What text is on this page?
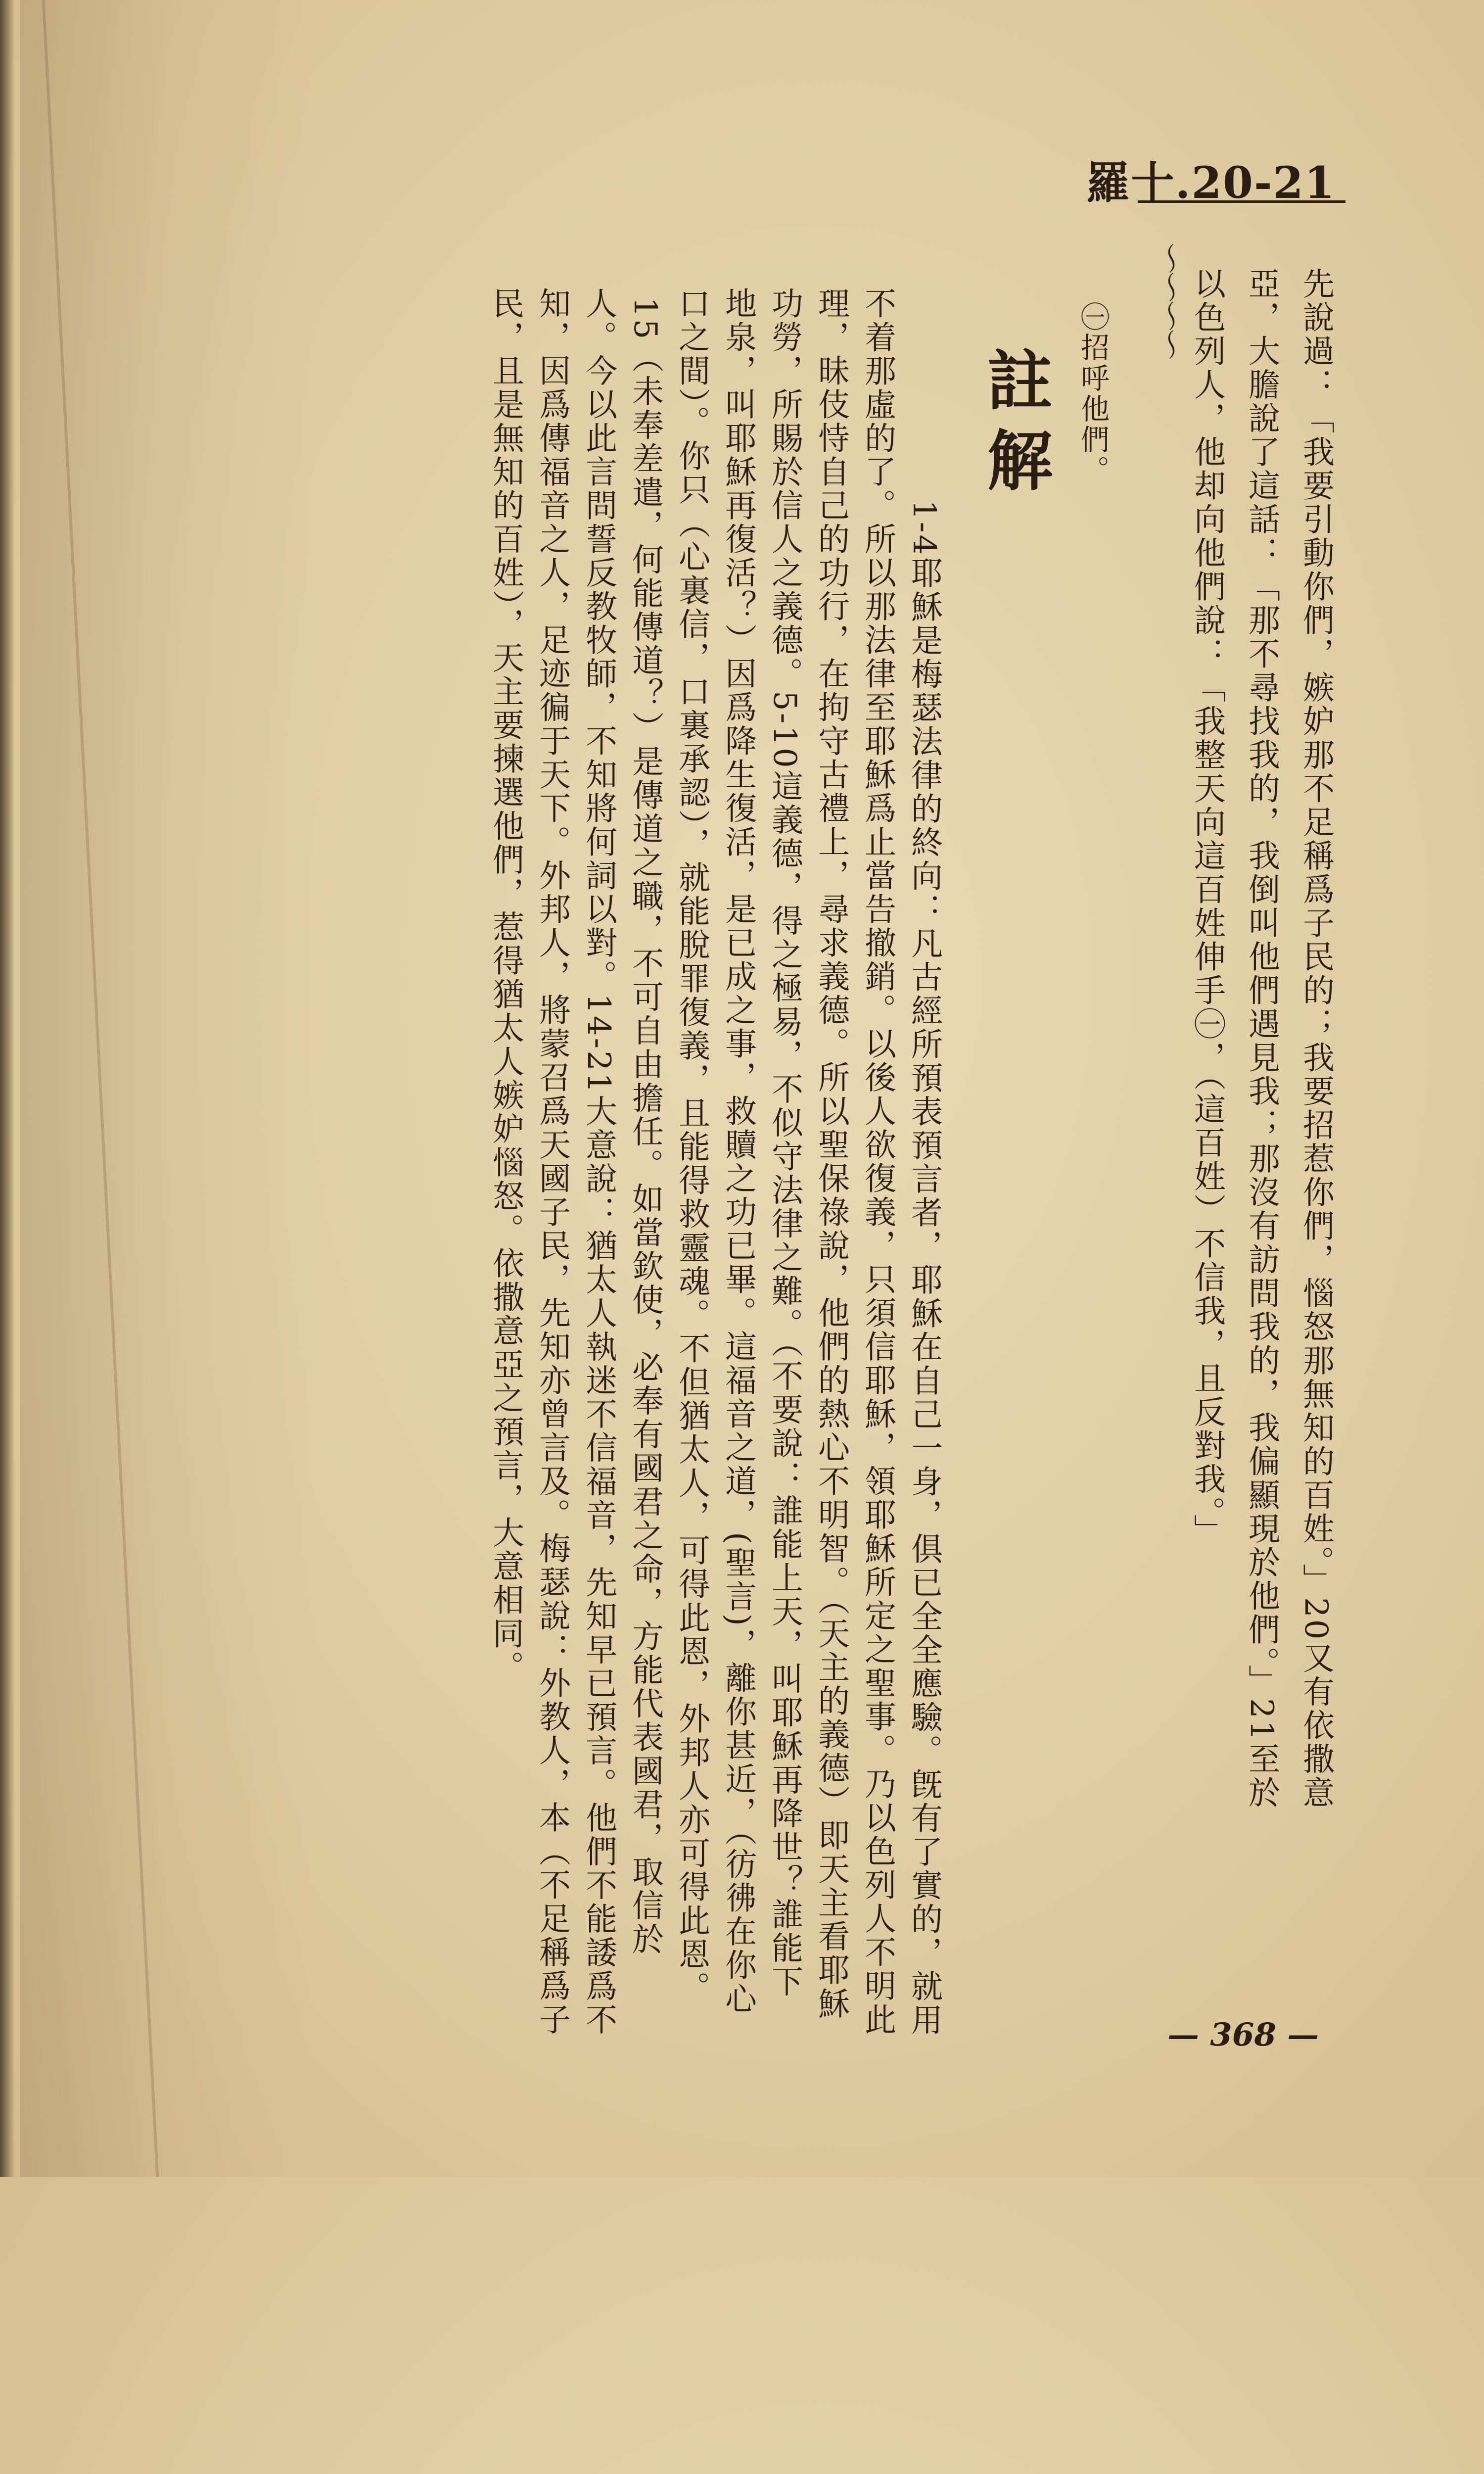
羅十.20-21
先說過：「我要引動你們，嫉妒那不足稱爲子民的；我要招惹你們，惱怒那無知的百姓。」20又有依撒意
亞，大膽說了這話：「那不尋找我的，我倒叫他們遇見我；那沒有訪問我的，我偏顯現於他們。」21至於
以色列人，他却向他們說：「我整天向這百姓伸手㊀，（這百姓）不信我，且反對我。」
～～～～
㊀招呼他們。
註解
1-4耶穌是梅瑟法律的終向：凡古經所預表預言者，耶穌在自己一身，俱已全全應驗。旣有了實的，就用
不着那虛的了。所以那法律至耶穌爲止當告撤銷。以後人欲復義，只須信耶穌，領耶穌所定之聖事。乃以色列人不明此
理，昧伎恃自己的功行，在拘守古禮上，尋求義德。所以聖保祿說，他們的熱心不明智。（天主的義德）即天主看耶穌
功勞，所賜於信人之義德。5-10這義德，得之極易，不似守法律之難。（不要說：誰能上天，叫耶穌再降世？誰能下
地泉，叫耶穌再復活？）因爲降生復活，是已成之事，救贖之功已畢。這福音之道，(聖言)，離你甚近，（彷彿在你心
口之間）。你只（心裏信，口裏承認），就能脫罪復義，且能得救靈魂。不但猶太人，可得此恩，外邦人亦可得此恩。
15（未奉差遣，何能傳道？）是傳道之職，不可自由擔任。如當欽使，必奉有國君之命，方能代表國君，取信於
人。今以此言問誓反教牧師，不知將何詞以對。14-21大意說：猶太人執迷不信福音，先知早已預言。他們不能諉爲不
知，因爲傳福音之人，足迹徧于天下。外邦人，將蒙召爲天國子民，先知亦曾言及。梅瑟說：外教人，本（不足稱爲子
民，且是無知的百姓），天主要揀選他們，惹得猶太人嫉妒惱怒。依撒意亞之預言，大意相同。
— 368 —
